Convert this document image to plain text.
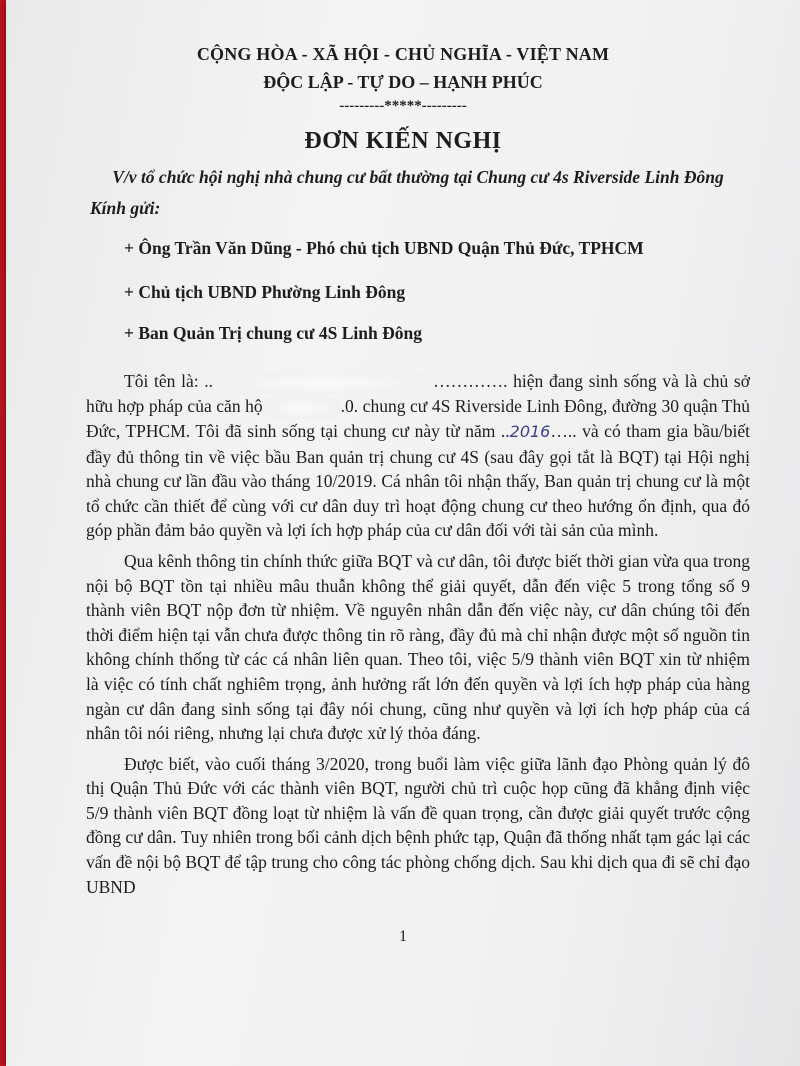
CỘNG HÒA - XÃ HỘI - CHỦ NGHĨA - VIỆT NAM
ĐỘC LẬP - TỰ DO – HẠNH PHÚC
---------*****---------
ĐƠN KIẾN NGHỊ
V/v tổ chức hội nghị nhà chung cư bất thường tại Chung cư 4s Riverside Linh Đông
Kính gửi:
+ Ông Trần Văn Dũng - Phó chủ tịch UBND Quận Thủ Đức, TPHCM
+ Chủ tịch UBND Phường Linh Đông
+ Ban Quản Trị chung cư 4S Linh Đông

Tôi tên là: ..	…………. hiện đang sinh sống và là chủ sở hữu hợp pháp của căn hộ	.0. chung cư 4S Riverside Linh Đông, đường 30 quận Thủ Đức, TPHCM. Tôi đã sinh sống tại chung cư này từ năm ..2016….. và có tham gia bầu/biết đầy đủ thông tin về việc bầu Ban quản trị chung cư 4S (sau đây gọi tắt là BQT) tại Hội nghị nhà chung cư lần đầu vào tháng 10/2019. Cá nhân tôi nhận thấy, Ban quản trị chung cư là một tổ chức cần thiết để cùng với cư dân duy trì hoạt động chung cư theo hướng ổn định, qua đó góp phần đảm bảo quyền và lợi ích hợp pháp của cư dân đối với tài sản của mình.

Qua kênh thông tin chính thức giữa BQT và cư dân, tôi được biết thời gian vừa qua trong nội bộ BQT tồn tại nhiều mâu thuẫn không thể giải quyết, dẫn đến việc 5 trong tổng số 9 thành viên BQT nộp đơn từ nhiệm. Về nguyên nhân dẫn đến việc này, cư dân chúng tôi đến thời điểm hiện tại vẫn chưa được thông tin rõ ràng, đầy đủ mà chỉ nhận được một số nguồn tin không chính thống từ các cá nhân liên quan. Theo tôi, việc 5/9 thành viên BQT xin từ nhiệm là việc có tính chất nghiêm trọng, ảnh hưởng rất lớn đến quyền và lợi ích hợp pháp của hàng ngàn cư dân đang sinh sống tại đây nói chung, cũng như quyền và lợi ích hợp pháp của cá nhân tôi nói riêng, nhưng lại chưa được xử lý thỏa đáng.

Được biết, vào cuối tháng 3/2020, trong buổi làm việc giữa lãnh đạo Phòng quản lý đô thị Quận Thủ Đức với các thành viên BQT, người chủ trì cuộc họp cũng đã khẳng định việc 5/9 thành viên BQT đồng loạt từ nhiệm là vấn đề quan trọng, cần được giải quyết trước cộng đồng cư dân. Tuy nhiên trong bối cảnh dịch bệnh phức tạp, Quận đã thống nhất tạm gác lại các vấn đề nội bộ BQT để tập trung cho công tác phòng chống dịch. Sau khi dịch qua đi sẽ chỉ đạo UBND

1
